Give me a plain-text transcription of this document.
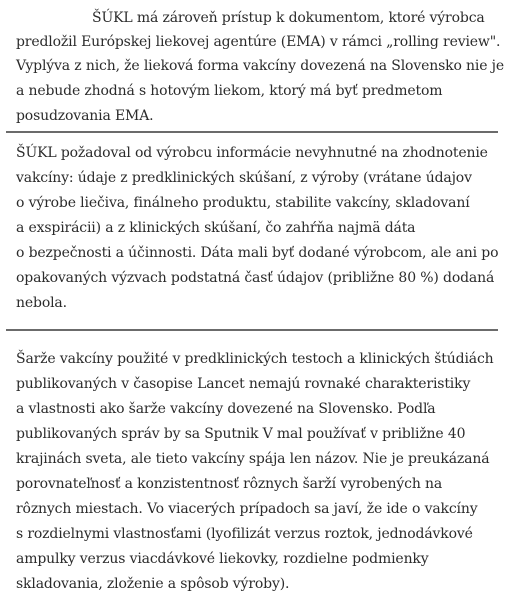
ŠÚKL má zároveň prístup k dokumentom, ktoré výrobca
predložil Európskej liekovej agentúre (EMA) v rámci „rolling review".
Vyplýva z nich, že lieková forma vakcíny dovezená na Slovensko nie je
a nebude zhodná s hotovým liekom, ktorý má byť predmetom
posudzovania EMA.
ŠÚKL požadoval od výrobcu informácie nevyhnutné na zhodnotenie
vakcíny: údaje z predklinických skúšaní, z výroby (vrátane údajov
o výrobe liečiva, finálneho produktu, stabilite vakcíny, skladovaní
a exspirácii) a z klinických skúšaní, čo zahŕňa najmä dáta
o bezpečnosti a účinnosti. Dáta mali byť dodané výrobcom, ale ani po
opakovaných výzvach podstatná časť údajov (približne 80 %) dodaná
nebola.
Šarže vakcíny použité v predklinických testoch a klinických štúdiách
publikovaných v časopise Lancet nemajú rovnaké charakteristiky
a vlastnosti ako šarže vakcíny dovezené na Slovensko. Podľa
publikovaných správ by sa Sputnik V mal používať v približne 40
krajinách sveta, ale tieto vakcíny spája len názov. Nie je preukázaná
porovnateľnosť a konzistentnosť rôznych šarží vyrobených na
rôznych miestach. Vo viacerých prípadoch sa javí, že ide o vakcíny
s rozdielnymi vlastnosťami (lyofilizát verzus roztok, jednodávkové
ampulky verzus viacdávkové liekovky, rozdielne podmienky
skladovania, zloženie a spôsob výroby).
